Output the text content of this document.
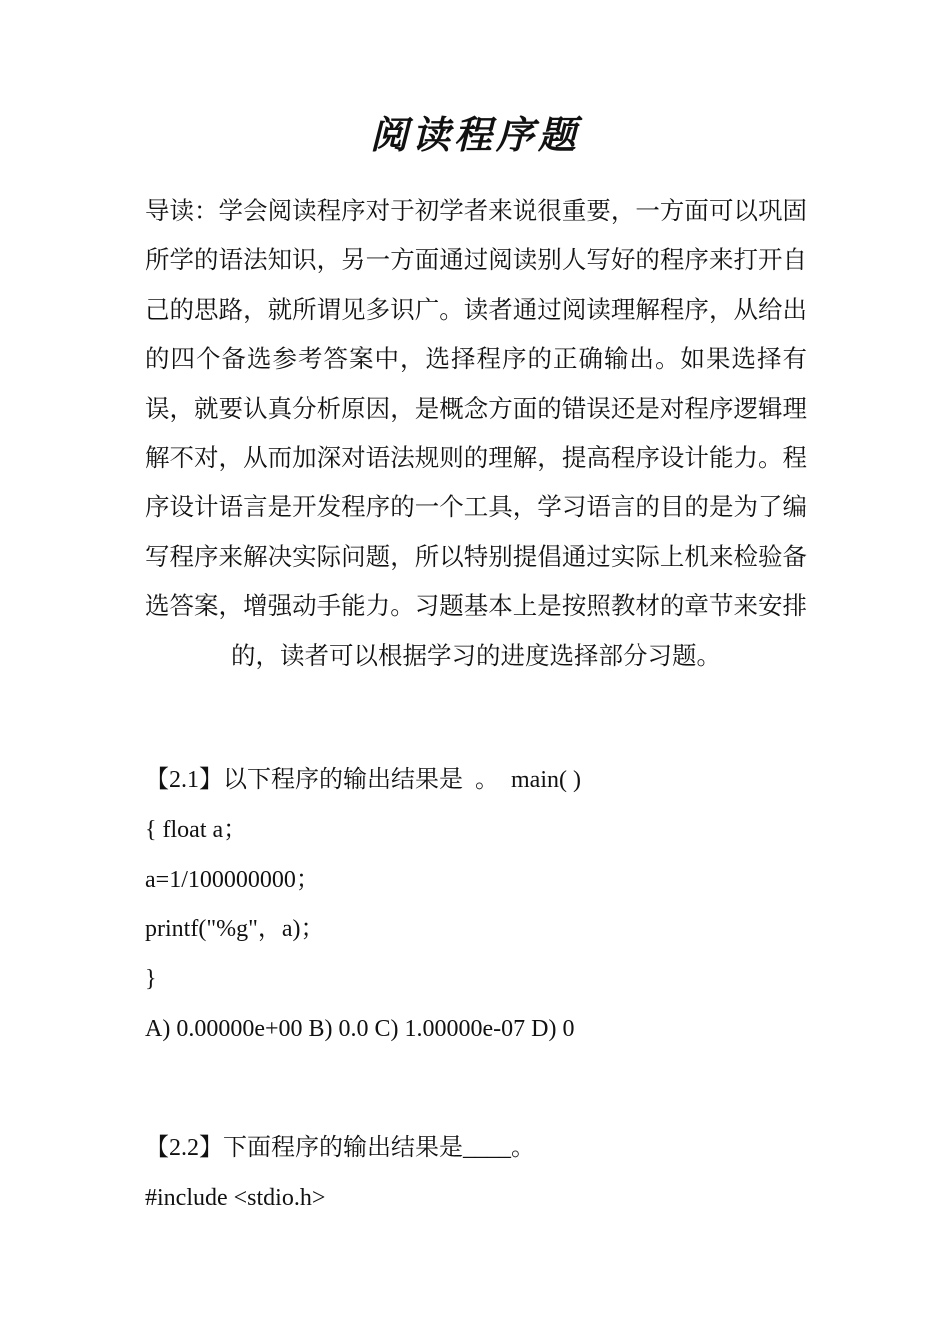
阅读程序题
导读：学会阅读程序对于初学者来说很重要，一方面可以巩固所学的语法知识，另一方面通过阅读别人写好的程序来打开自己的思路，就所谓见多识广。读者通过阅读理解程序，从给出的四个备选参考答案中，选择程序的正确输出。如果选择有误，就要认真分析原因，是概念方面的错误还是对程序逻辑理解不对，从而加深对语法规则的理解，提高程序设计能力。程序设计语言是开发程序的一个工具，学习语言的目的是为了编写程序来解决实际问题，所以特别提倡通过实际上机来检验备选答案，增强动手能力。习题基本上是按照教材的章节来安排的，读者可以根据学习的进度选择部分习题。
【2.1】以下程序的输出结果是  。  main( )
{ float a；
a=1/100000000；
printf("%g"，a)；
}
A) 0.00000e+00 B) 0.0 C) 1.00000e-07 D) 0
【2.2】下面程序的输出结果是____。
#include <stdio.h>
